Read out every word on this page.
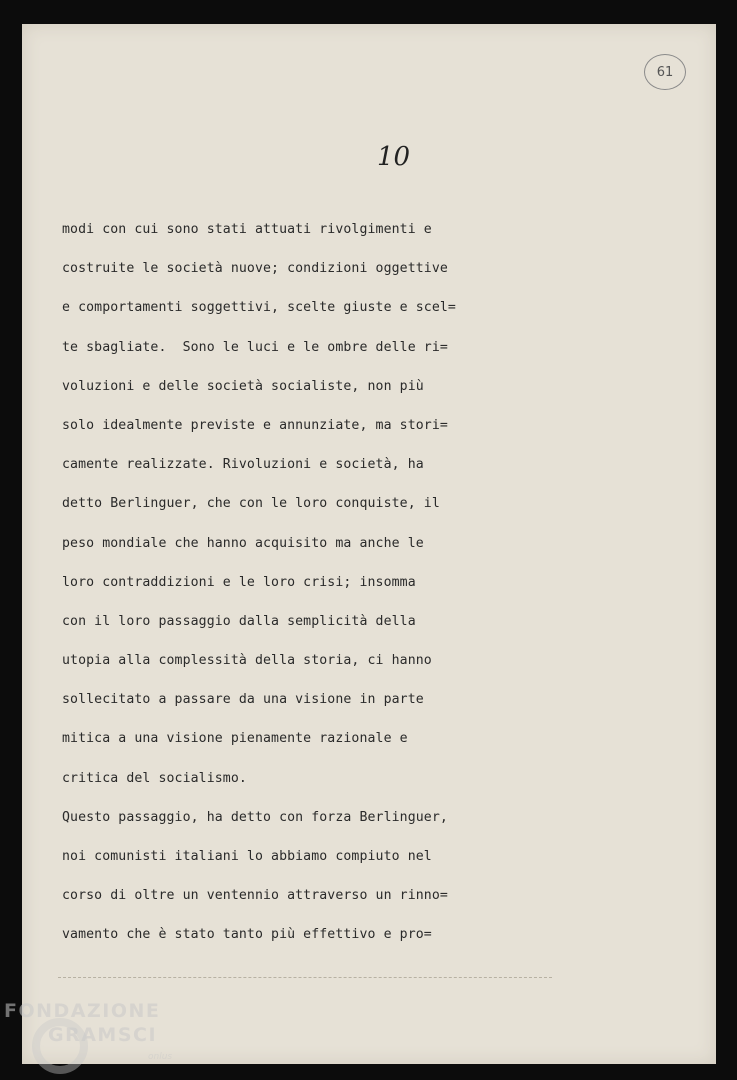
61
10
modi con cui sono stati attuati rivolgimenti e
costruite le società nuove; condizioni oggettive
e comportamenti soggettivi, scelte giuste e scel=
te sbagliate.  Sono le luci e le ombre delle ri=
voluzioni e delle società socialiste, non più
solo idealmente previste e annunziate, ma stori=
camente realizzate. Rivoluzioni e società, ha
detto Berlinguer, che con le loro conquiste, il
peso mondiale che hanno acquisito ma anche le
loro contraddizioni e le loro crisi; insomma
con il loro passaggio dalla semplicità della
utopia alla complessità della storia, ci hanno
sollecitato a passare da una visione in parte
mitica a una visione pienamente razionale e
critica del socialismo.
Questo passaggio, ha detto con forza Berlinguer,
noi comunisti italiani lo abbiamo compiuto nel
corso di oltre un ventennio attraverso un rinno=
vamento che è stato tanto più effettivo e pro=
FONDAZIONE
GRAMSCI
onlus
